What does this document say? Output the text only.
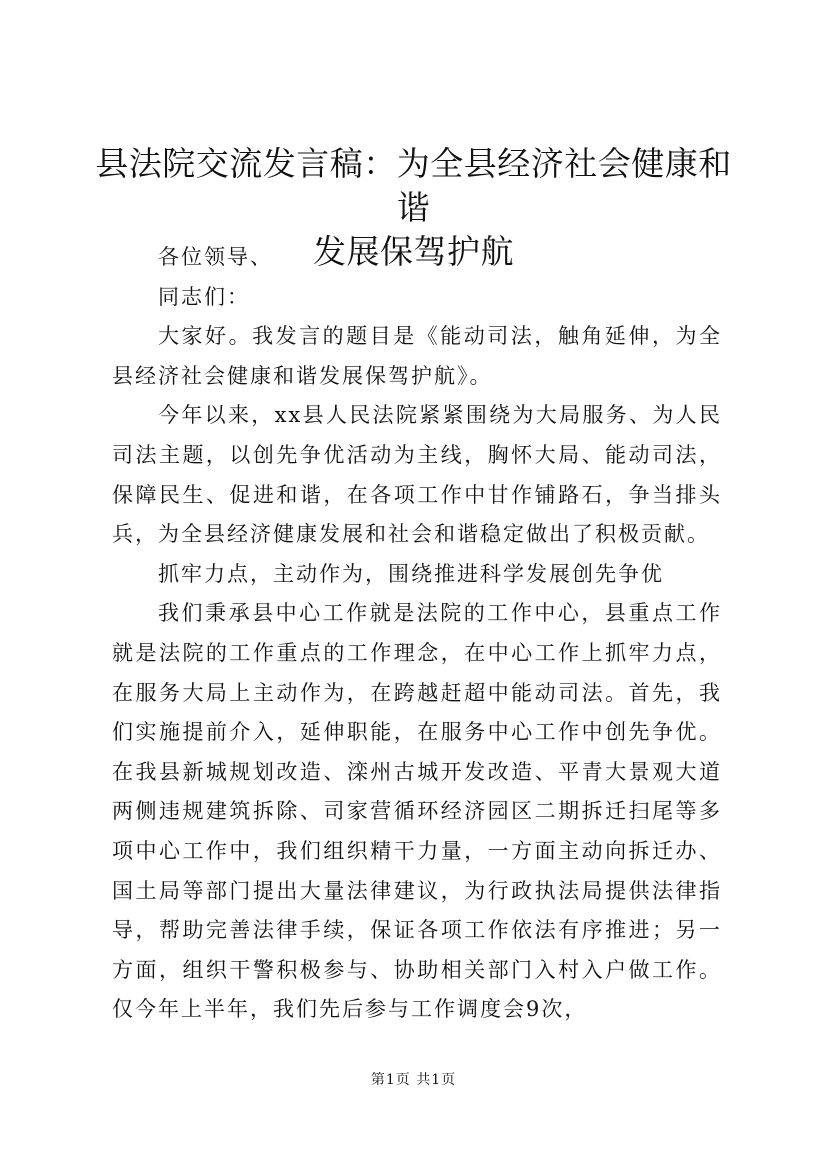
县法院交流发言稿：为全县经济社会健康和谐
发展保驾护航

各位领导、

同志们：

大家好。我发言的题目是《能动司法，触角延伸，为全县经济社会健康和谐发展保驾护航》。

今年以来，xx县人民法院紧紧围绕为大局服务、为人民司法主题，以创先争优活动为主线，胸怀大局、能动司法，保障民生、促进和谐，在各项工作中甘作铺路石，争当排头兵，为全县经济健康发展和社会和谐稳定做出了积极贡献。

抓牢力点，主动作为，围绕推进科学发展创先争优

我们秉承县中心工作就是法院的工作中心，县重点工作就是法院的工作重点的工作理念，在中心工作上抓牢力点，在服务大局上主动作为，在跨越赶超中能动司法。首先，我们实施提前介入，延伸职能，在服务中心工作中创先争优。在我县新城规划改造、滦州古城开发改造、平青大景观大道两侧违规建筑拆除、司家营循环经济园区二期拆迁扫尾等多项中心工作中，我们组织精干力量，一方面主动向拆迁办、国土局等部门提出大量法律建议，为行政执法局提供法律指导，帮助完善法律手续，保证各项工作依法有序推进；另一方面，组织干警积极参与、协助相关部门入村入户做工作。仅今年上半年，我们先后参与工作调度会9次，

第1页 共1页
